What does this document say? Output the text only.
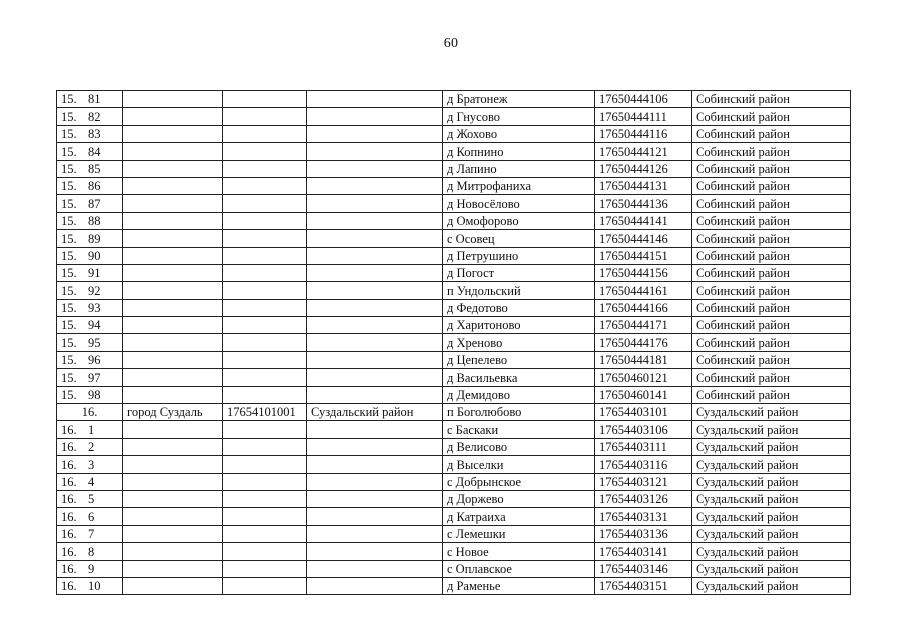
60
15. 81				д Братонеж	17650444106	Собинский район
15. 82				д Гнусово	17650444111	Собинский район
15. 83				д Жохово	17650444116	Собинский район
15. 84				д Копнино	17650444121	Собинский район
15. 85				д Лапино	17650444126	Собинский район
15. 86				д Митрофаниха	17650444131	Собинский район
15. 87				д Новосёлово	17650444136	Собинский район
15. 88				д Омофорово	17650444141	Собинский район
15. 89				с Осовец	17650444146	Собинский район
15. 90				д Петрушино	17650444151	Собинский район
15. 91				д Погост	17650444156	Собинский район
15. 92				п Ундольский	17650444161	Собинский район
15. 93				д Федотово	17650444166	Собинский район
15. 94				д Харитоново	17650444171	Собинский район
15. 95				д Хреново	17650444176	Собинский район
15. 96				д Цепелево	17650444181	Собинский район
15. 97				д Васильевка	17650460121	Собинский район
15. 98				д Демидово	17650460141	Собинский район
16.	город Суздаль	17654101001	Суздальский район	п Боголюбово	17654403101	Суздальский район
16. 1				с Баскаки	17654403106	Суздальский район
16. 2				д Велисово	17654403111	Суздальский район
16. 3				д Выселки	17654403116	Суздальский район
16. 4				с Добрынское	17654403121	Суздальский район
16. 5				д Доржево	17654403126	Суздальский район
16. 6				д Катраиха	17654403131	Суздальский район
16. 7				с Лемешки	17654403136	Суздальский район
16. 8				с Новое	17654403141	Суздальский район
16. 9				с Оплавское	17654403146	Суздальский район
16. 10				д Раменье	17654403151	Суздальский район
